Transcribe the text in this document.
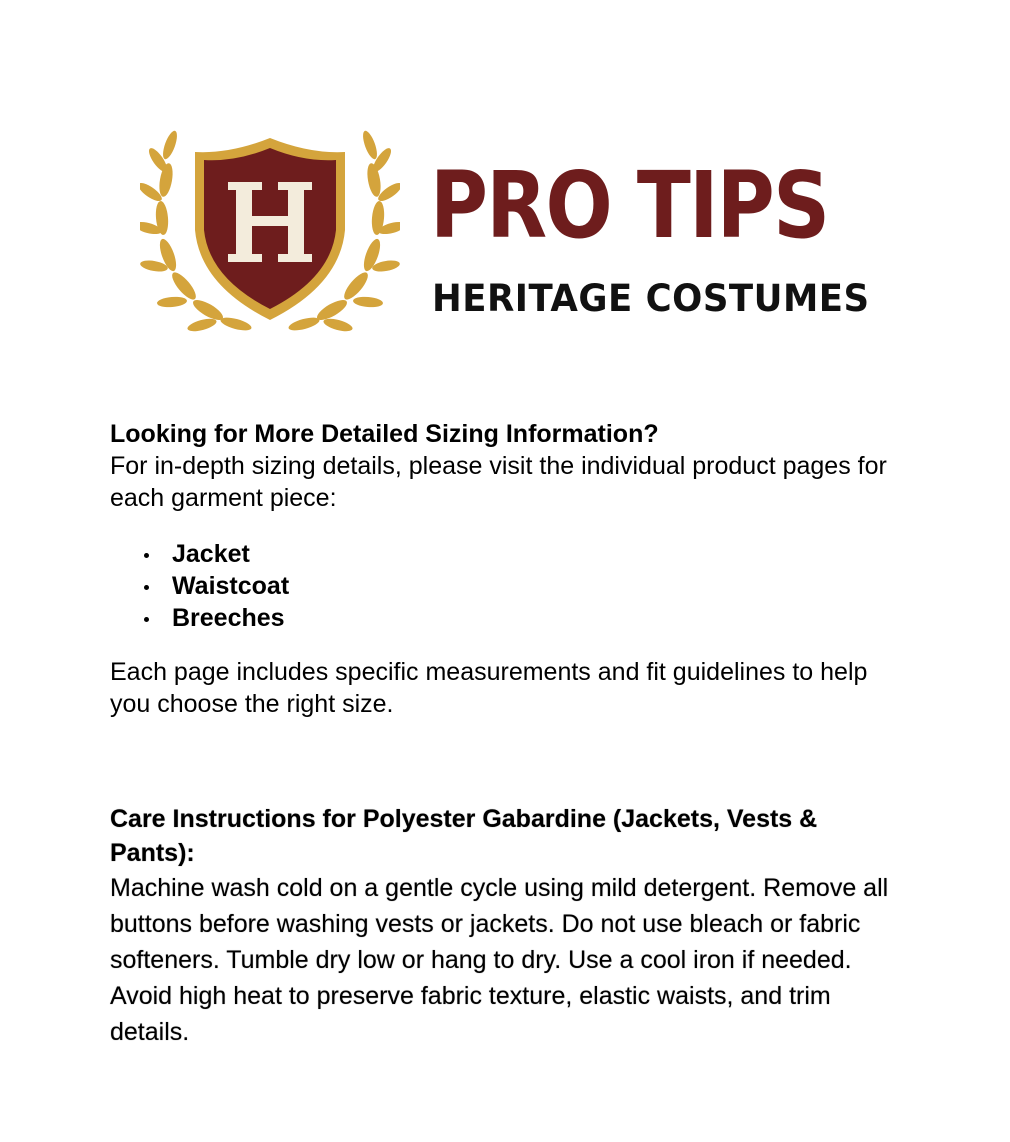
PRO TIPS
HERITAGE COSTUMES

Looking for More Detailed Sizing Information?

For in-depth sizing details, please visit the individual product pages for each garment piece:

Jacket
Waistcoat
Breeches

Each page includes specific measurements and fit guidelines to help you choose the right size.

Care Instructions for Polyester Gabardine (Jackets, Vests & Pants):

Machine wash cold on a gentle cycle using mild detergent. Remove all buttons before washing vests or jackets. Do not use bleach or fabric softeners. Tumble dry low or hang to dry. Use a cool iron if needed. Avoid high heat to preserve fabric texture, elastic waists, and trim details.
